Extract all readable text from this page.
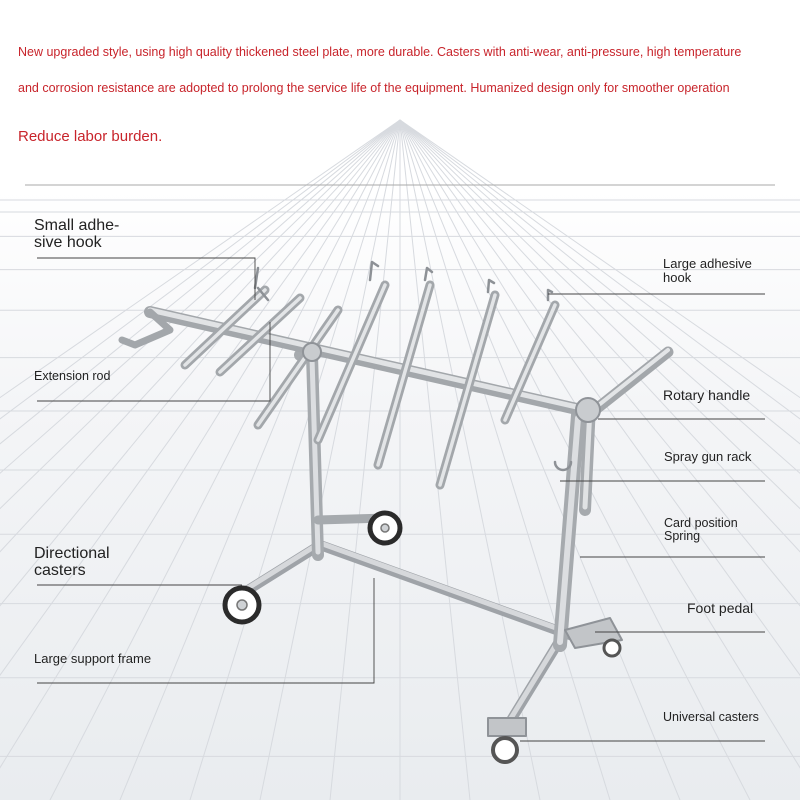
New upgraded style, using high quality thickened steel plate, more durable. Casters with anti-wear, anti-pressure, high temperature
and corrosion resistance are adopted to prolong the service life of the equipment. Humanized design only for smoother operation
Reduce labor burden.
Small adhe-
sive hook
Large adhesive
hook
Extension rod
Rotary handle
Spray gun rack
Card position
Spring
Directional
casters
Foot pedal
Large support frame
Universal casters
